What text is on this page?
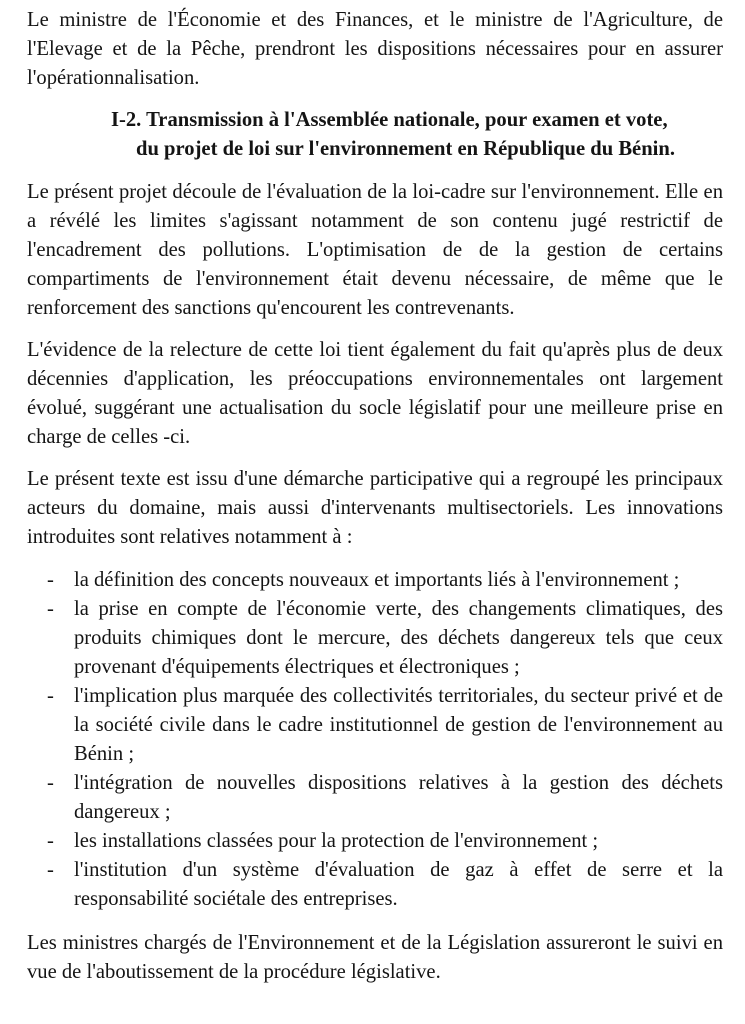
Le ministre de l'Économie et des Finances, et le ministre de l'Agriculture, de l'Elevage et de la Pêche, prendront les dispositions nécessaires pour en assurer l'opérationnalisation.

I-2. Transmission à l'Assemblée nationale, pour examen et vote,
du projet de loi sur l'environnement en République du Bénin.

Le présent projet découle de l'évaluation de la loi-cadre sur l'environnement. Elle en a révélé les limites s'agissant notamment de son contenu jugé restrictif de l'encadrement des pollutions. L'optimisation de de la gestion de certains compartiments de l'environnement était devenu nécessaire, de même que le renforcement des sanctions qu'encourent les contrevenants.

L'évidence de la relecture de cette loi tient également du fait qu'après plus de deux décennies d'application, les préoccupations environnementales ont largement évolué, suggérant une actualisation du socle législatif pour une meilleure prise en charge de celles -ci.

Le présent texte est issu d'une démarche participative qui a regroupé les principaux acteurs du domaine, mais aussi d'intervenants multisectoriels. Les innovations introduites sont relatives notamment à :

- la définition des concepts nouveaux et importants liés à l'environnement ;
- la prise en compte de l'économie verte, des changements climatiques, des produits chimiques dont le mercure, des déchets dangereux tels que ceux provenant d'équipements électriques et électroniques ;
- l'implication plus marquée des collectivités territoriales, du secteur privé et de la société civile dans le cadre institutionnel de gestion de l'environnement au Bénin ;
- l'intégration de nouvelles dispositions relatives à la gestion des déchets dangereux ;
- les installations classées pour la protection de l'environnement ;
- l'institution d'un système d'évaluation de gaz à effet de serre et la responsabilité sociétale des entreprises.

Les ministres chargés de l'Environnement et de la Législation assureront le suivi en vue de l'aboutissement de la procédure législative.
